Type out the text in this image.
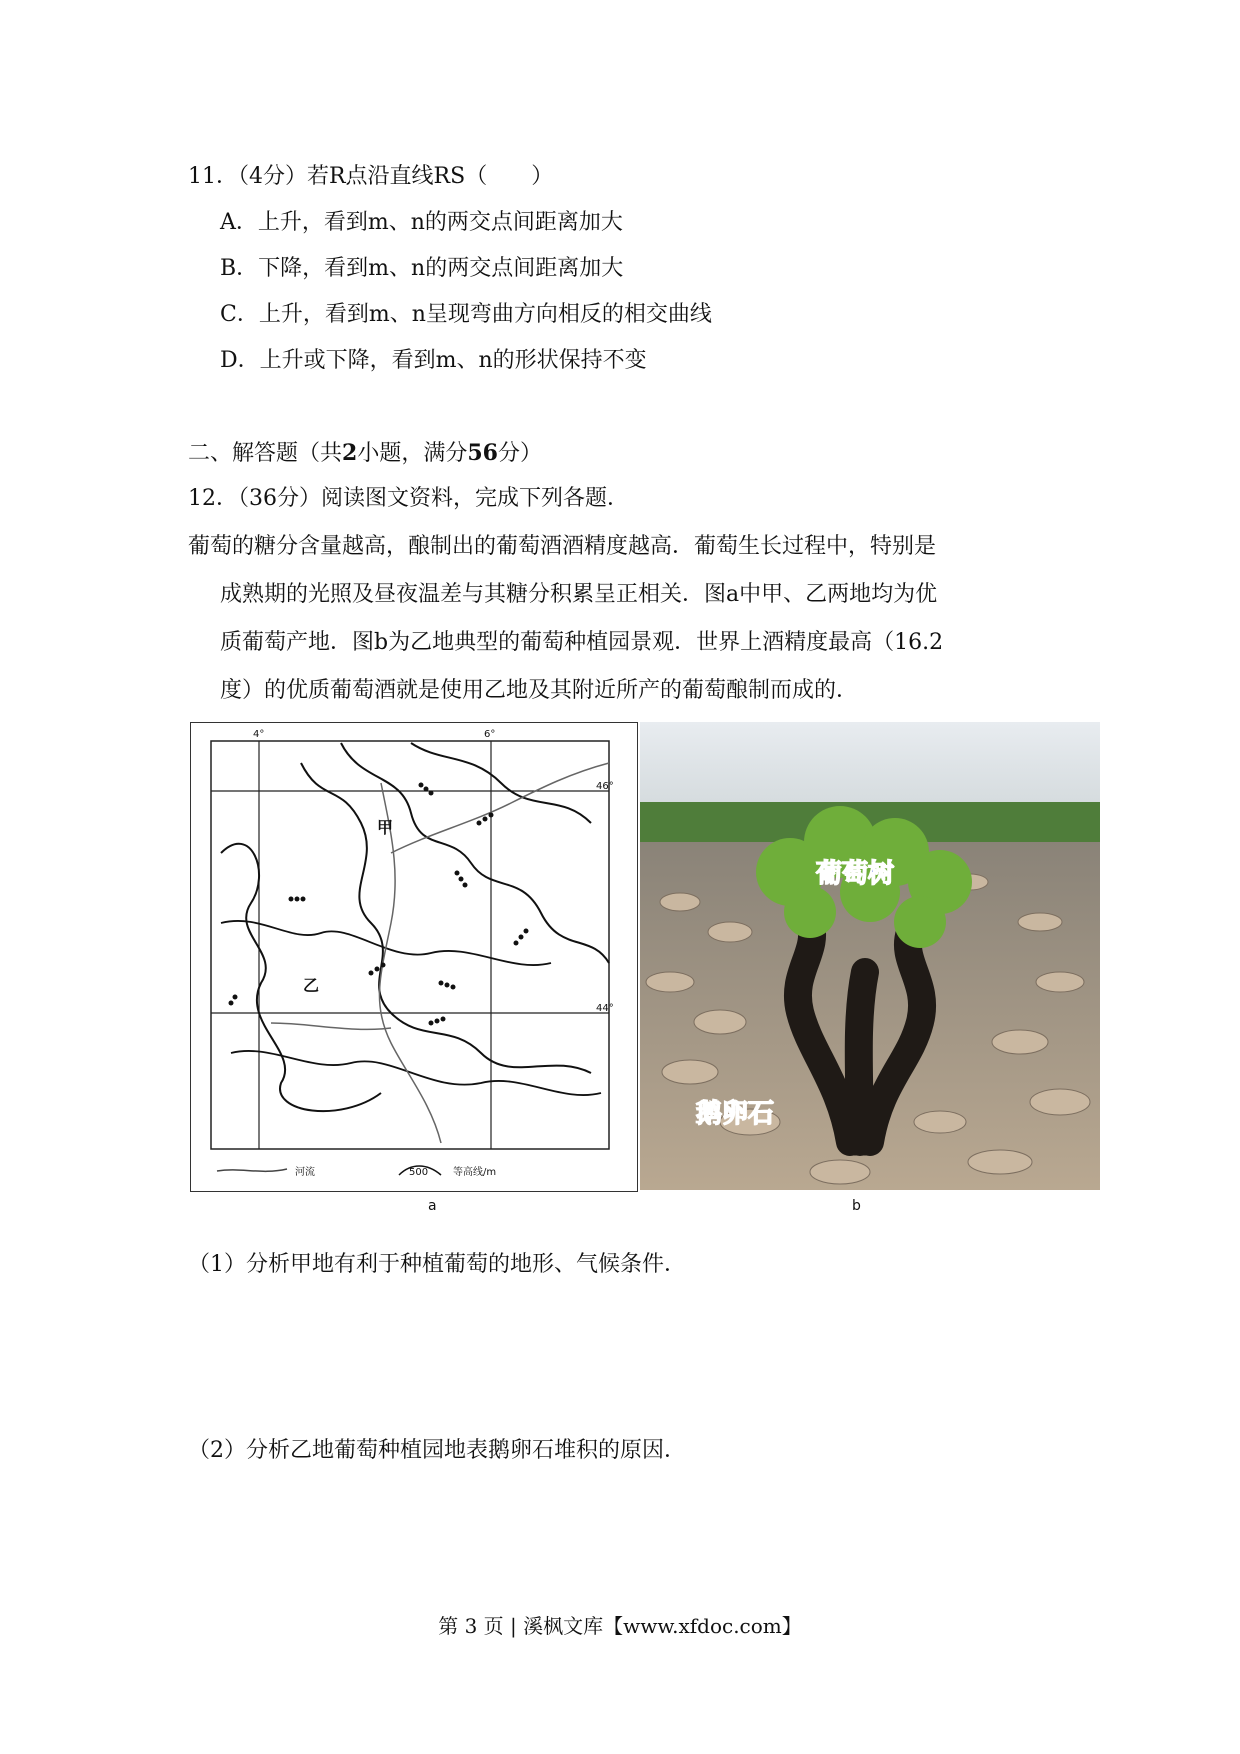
11．（4分）若R点沿直线RS（　　）
A．上升，看到m、n的两交点间距离加大
B．下降，看到m、n的两交点间距离加大
C．上升，看到m、n呈现弯曲方向相反的相交曲线
D．上升或下降，看到m、n的形状保持不变
二、解答题（共2小题，满分56分）
12．（36分）阅读图文资料，完成下列各题．
葡萄的糖分含量越高，酿制出的葡萄酒酒精度越高．葡萄生长过程中，特别是
成熟期的光照及昼夜温差与其糖分积累呈正相关．图a中甲、乙两地均为优
质葡萄产地．图b为乙地典型的葡萄种植园景观．世界上酒精度最高（16.2
度）的优质葡萄酒就是使用乙地及其附近所产的葡萄酿制而成的．
4°	6°
46°
44°
甲
乙
河流	500 等高线/m
葡萄树
鹅卵石
a	b
（1）分析甲地有利于种植葡萄的地形、气候条件．
（2）分析乙地葡萄种植园地表鹅卵石堆积的原因．
第 3 页 | 溪枫文库【www.xfdoc.com】
